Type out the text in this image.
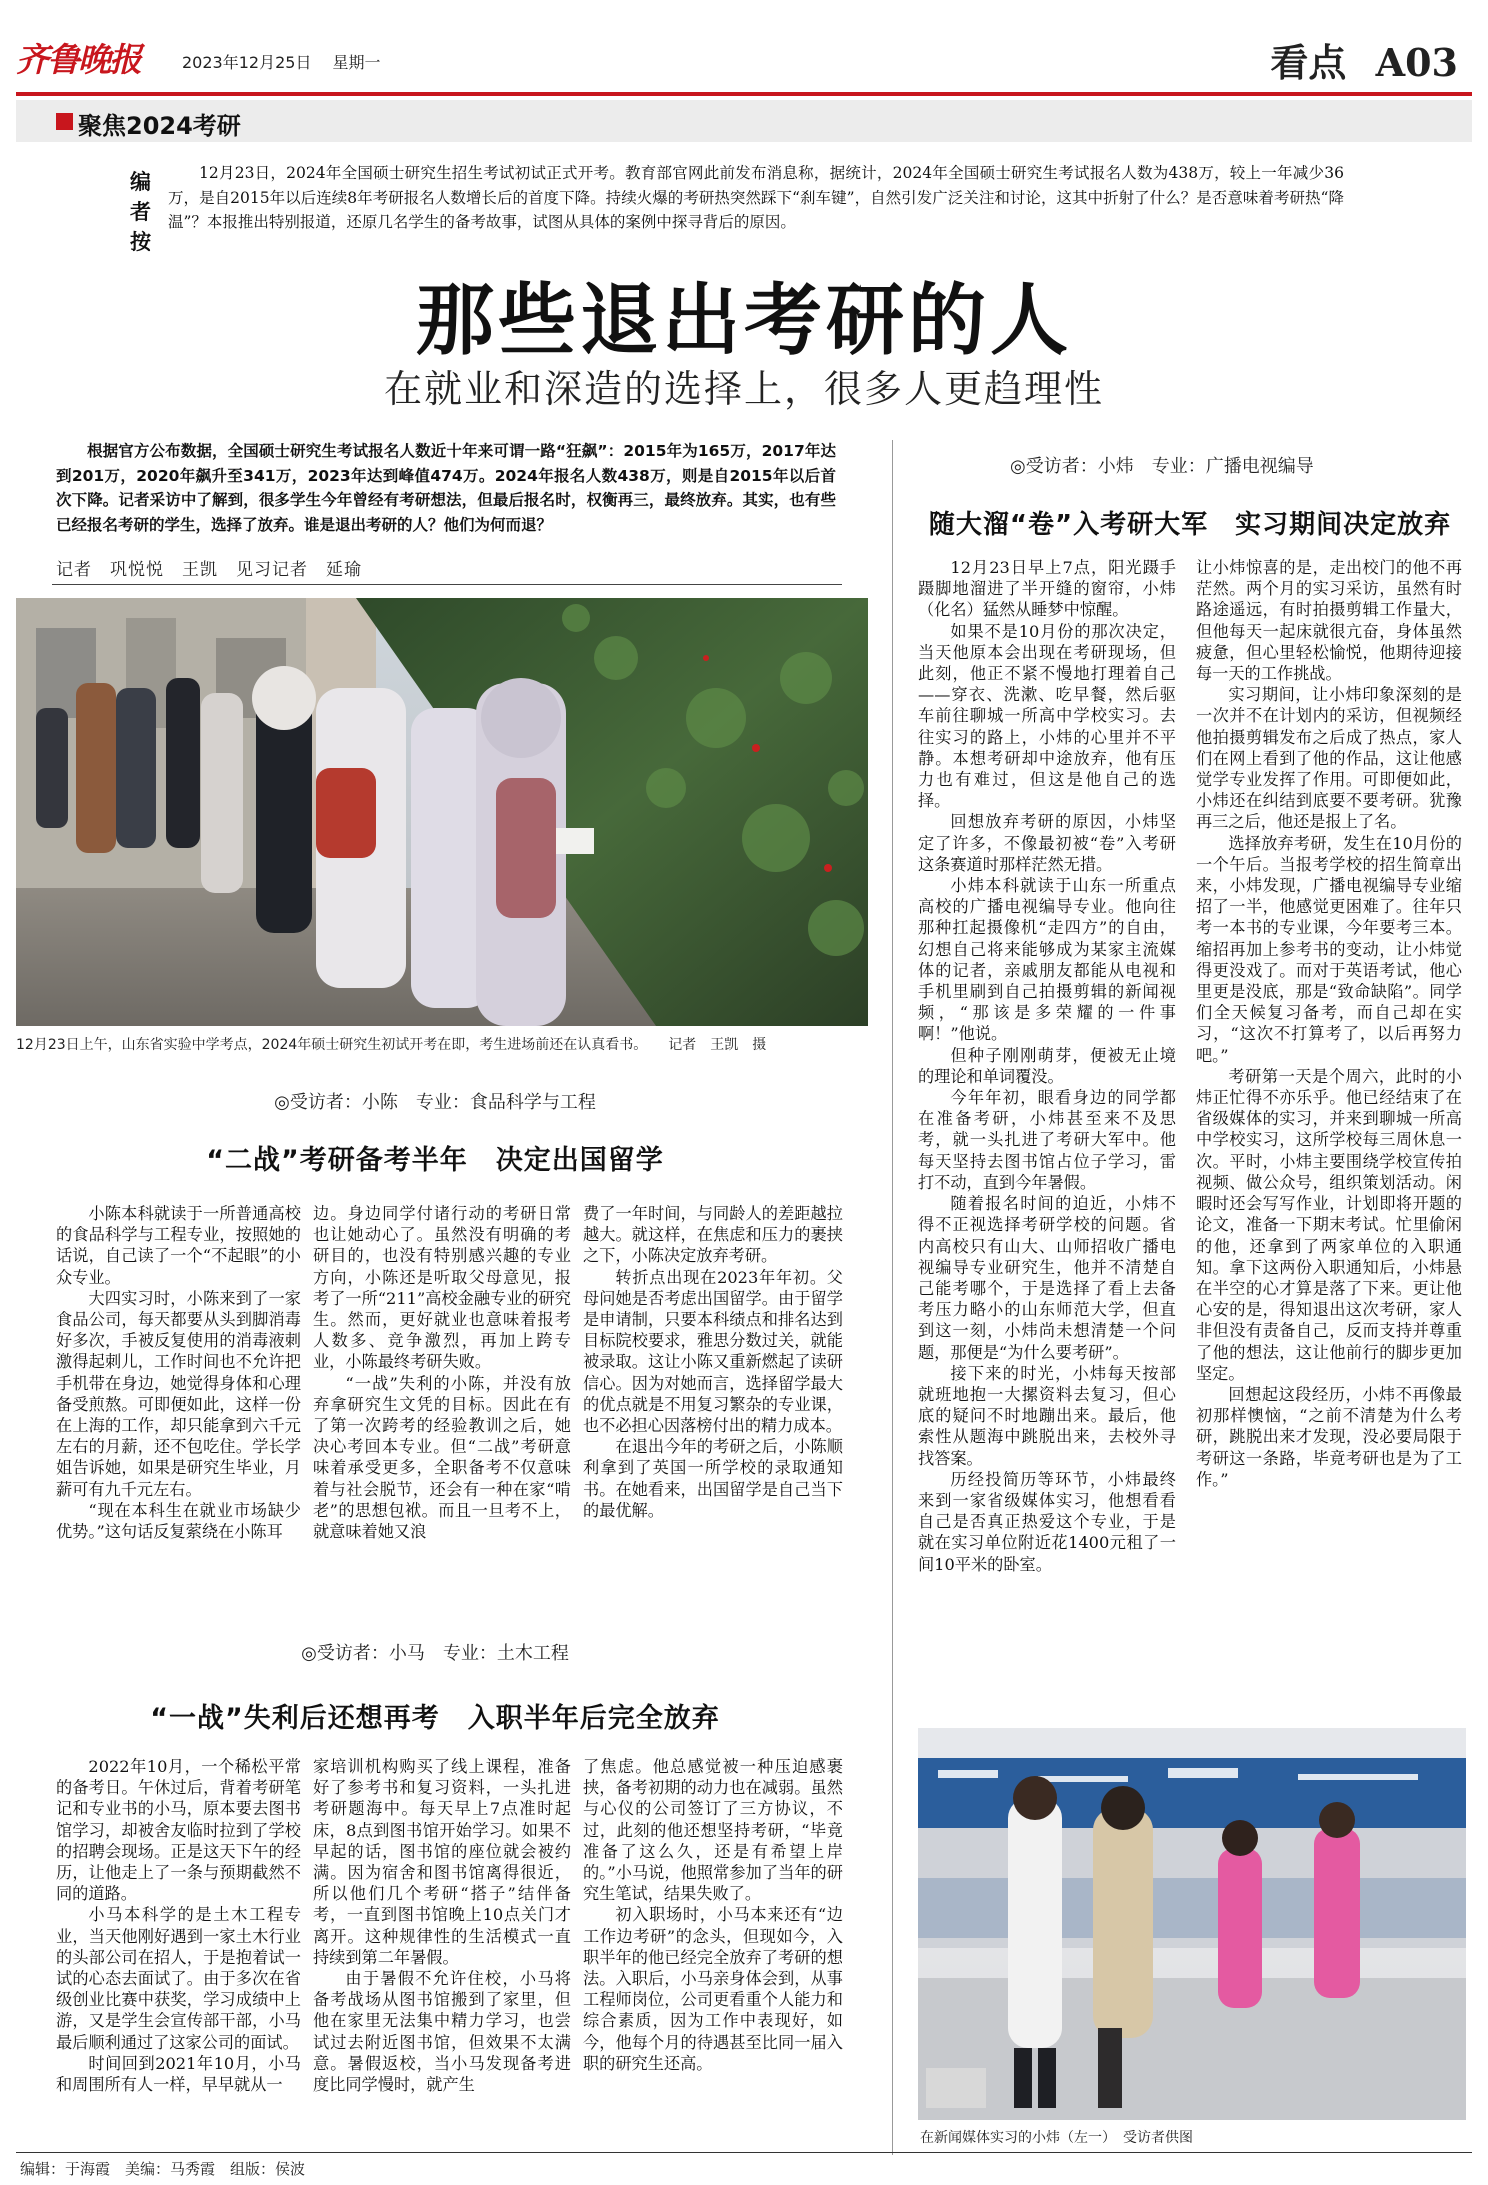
齐鲁晚报	2023年12月25日 星期一	看点 A03
聚焦2024考研
编
者
按
12月23日，2024年全国硕士研究生招生考试初试正式开考。教育部官网此前发布消息称，据统计，2024年全国硕士研究生考试报名人数为438万，较上一年减少36万，是自2015年以后连续8年考研报名人数增长后的首度下降。持续火爆的考研热突然踩下“刹车键”，自然引发广泛关注和讨论，这其中折射了什么？是否意味着考研热“降温”？本报推出特别报道，还原几名学生的备考故事，试图从具体的案例中探寻背后的原因。
那些退出考研的人
在就业和深造的选择上，很多人更趋理性
根据官方公布数据，全国硕士研究生考试报名人数近十年来可谓一路“狂飙”：2015年为165万，2017年达到201万，2020年飙升至341万，2023年达到峰值474万。2024年报名人数438万，则是自2015年以后首次下降。记者采访中了解到，很多学生今年曾经有考研想法，但最后报名时，权衡再三，最终放弃。其实，也有些已经报名考研的学生，选择了放弃。谁是退出考研的人？他们为何而退？
记者　巩悦悦　王凯　见习记者　延瑜
12月23日上午，山东省实验中学考点，2024年硕士研究生初试开考在即，考生进场前还在认真看书。　　记者　王凯　摄
◎受访者：小陈　专业：食品科学与工程
“二战”考研备考半年　决定出国留学

小陈本科就读于一所普通高校的食品科学与工程专业，按照她的话说，自己读了一个“不起眼”的小众专业。

大四实习时，小陈来到了一家食品公司，每天都要从头到脚消毒好多次，手被反复使用的消毒液刺激得起刺儿，工作时间也不允许把手机带在身边，她觉得身体和心理备受煎熬。可即便如此，这样一份在上海的工作，却只能拿到六千元左右的月薪，还不包吃住。学长学姐告诉她，如果是研究生毕业，月薪可有九千元左右。

“现在本科生在就业市场缺少优势。”这句话反复萦绕在小陈耳

边。身边同学付诸行动的考研日常也让她动心了。虽然没有明确的考研目的，也没有特别感兴趣的专业方向，小陈还是听取父母意见，报考了一所“211”高校金融专业的研究生。然而，更好就业也意味着报考人数多、竞争激烈，再加上跨专业，小陈最终考研失败。

“一战”失利的小陈，并没有放弃拿研究生文凭的目标。因此在有了第一次跨考的经验教训之后，她决心考回本专业。但“二战”考研意味着承受更多，全职备考不仅意味着与社会脱节，还会有一种在家“啃老”的思想包袱。而且一旦考不上，就意味着她又浪

费了一年时间，与同龄人的差距越拉越大。就这样，在焦虑和压力的裹挟之下，小陈决定放弃考研。

转折点出现在2023年年初。父母问她是否考虑出国留学。由于留学是申请制，只要本科绩点和排名达到目标院校要求，雅思分数过关，就能被录取。这让小陈又重新燃起了读研信心。因为对她而言，选择留学最大的优点就是不用复习繁杂的专业课，也不必担心因落榜付出的精力成本。

在退出今年的考研之后，小陈顺利拿到了英国一所学校的录取通知书。在她看来，出国留学是自己当下的最优解。

◎受访者：小马　专业：土木工程
“一战”失利后还想再考　入职半年后完全放弃

2022年10月，一个稀松平常的备考日。午休过后，背着考研笔记和专业书的小马，原本要去图书馆学习，却被舍友临时拉到了学校的招聘会现场。正是这天下午的经历，让他走上了一条与预期截然不同的道路。

小马本科学的是土木工程专业，当天他刚好遇到一家土木行业的头部公司在招人，于是抱着试一试的心态去面试了。由于多次在省级创业比赛中获奖，学习成绩中上游，又是学生会宣传部干部，小马最后顺利通过了这家公司的面试。

时间回到2021年10月，小马和周围所有人一样，早早就从一

家培训机构购买了线上课程，准备好了参考书和复习资料，一头扎进考研题海中。每天早上7点准时起床，8点到图书馆开始学习。如果不早起的话，图书馆的座位就会被约满。因为宿舍和图书馆离得很近，所以他们几个考研“搭子”结伴备考，一直到图书馆晚上10点关门才离开。这种规律性的生活模式一直持续到第二年暑假。

由于暑假不允许住校，小马将备考战场从图书馆搬到了家里，但他在家里无法集中精力学习，也尝试过去附近图书馆，但效果不太满意。暑假返校，当小马发现备考进度比同学慢时，就产生

了焦虑。他总感觉被一种压迫感裹挟，备考初期的动力也在减弱。虽然与心仪的公司签订了三方协议，不过，此刻的他还想坚持考研，“毕竟准备了这么久，还是有希望上岸的。”小马说，他照常参加了当年的研究生笔试，结果失败了。

初入职场时，小马本来还有“边工作边考研”的念头，但现如今，入职半年的他已经完全放弃了考研的想法。入职后，小马亲身体会到，从事工程师岗位，公司更看重个人能力和综合素质，因为工作中表现好，如今，他每个月的待遇甚至比同一届入职的研究生还高。

◎受访者：小炜　专业：广播电视编导
随大溜“卷”入考研大军　实习期间决定放弃

12月23日早上7点，阳光蹑手蹑脚地溜进了半开缝的窗帘，小炜（化名）猛然从睡梦中惊醒。

如果不是10月份的那次决定，当天他原本会出现在考研现场，但此刻，他正不紧不慢地打理着自己——穿衣、洗漱、吃早餐，然后驱车前往聊城一所高中学校实习。去往实习的路上，小炜的心里并不平静。本想考研却中途放弃，他有压力也有难过，但这是他自己的选择。

回想放弃考研的原因，小炜坚定了许多，不像最初被“卷”入考研这条赛道时那样茫然无措。

小炜本科就读于山东一所重点高校的广播电视编导专业。他向往那种扛起摄像机“走四方”的自由，幻想自己将来能够成为某家主流媒体的记者，亲戚朋友都能从电视和手机里刷到自己拍摄剪辑的新闻视频，“那该是多荣耀的一件事啊！”他说。

但种子刚刚萌芽，便被无止境的理论和单词覆没。

今年年初，眼看身边的同学都在准备考研，小炜甚至来不及思考，就一头扎进了考研大军中。他每天坚持去图书馆占位子学习，雷打不动，直到今年暑假。

随着报名时间的迫近，小炜不得不正视选择考研学校的问题。省内高校只有山大、山师招收广播电视编导专业研究生，他并不清楚自己能考哪个，于是选择了看上去备考压力略小的山东师范大学，但直到这一刻，小炜尚未想清楚一个问题，那便是“为什么要考研”。

接下来的时光，小炜每天按部就班地抱一大摞资料去复习，但心底的疑问不时地蹦出来。最后，他索性从题海中跳脱出来，去校外寻找答案。

历经投简历等环节，小炜最终来到一家省级媒体实习，他想看看自己是否真正热爱这个专业，于是就在实习单位附近花1400元租了一间10平米的卧室。

让小炜惊喜的是，走出校门的他不再茫然。两个月的实习采访，虽然有时路途遥远，有时拍摄剪辑工作量大，但他每天一起床就很亢奋，身体虽然疲惫，但心里轻松愉悦，他期待迎接每一天的工作挑战。

实习期间，让小炜印象深刻的是一次并不在计划内的采访，但视频经他拍摄剪辑发布之后成了热点，家人们在网上看到了他的作品，这让他感觉学专业发挥了作用。可即便如此，小炜还在纠结到底要不要考研。犹豫再三之后，他还是报上了名。

选择放弃考研，发生在10月份的一个午后。当报考学校的招生简章出来，小炜发现，广播电视编导专业缩招了一半，他感觉更困难了。往年只考一本书的专业课，今年要考三本。缩招再加上参考书的变动，让小炜觉得更没戏了。而对于英语考试，他心里更是没底，那是“致命缺陷”。同学们全天候复习备考，而自己却在实习，“这次不打算考了，以后再努力吧。”

考研第一天是个周六，此时的小炜正忙得不亦乐乎。他已经结束了在省级媒体的实习，并来到聊城一所高中学校实习，这所学校每三周休息一次。平时，小炜主要围绕学校宣传拍视频、做公众号，组织策划活动。闲暇时还会写写作业，计划即将开题的论文，准备一下期末考试。忙里偷闲的他，还拿到了两家单位的入职通知。拿下这两份入职通知后，小炜悬在半空的心才算是落了下来。更让他心安的是，得知退出这次考研，家人非但没有责备自己，反而支持并尊重了他的想法，这让他前行的脚步更加坚定。

回想起这段经历，小炜不再像最初那样懊恼，“之前不清楚为什么考研，跳脱出来才发现，没必要局限于考研这一条路，毕竟考研也是为了工作。”

在新闻媒体实习的小炜（左一）　受访者供图
编辑：于海霞　美编：马秀霞　组版：侯波
